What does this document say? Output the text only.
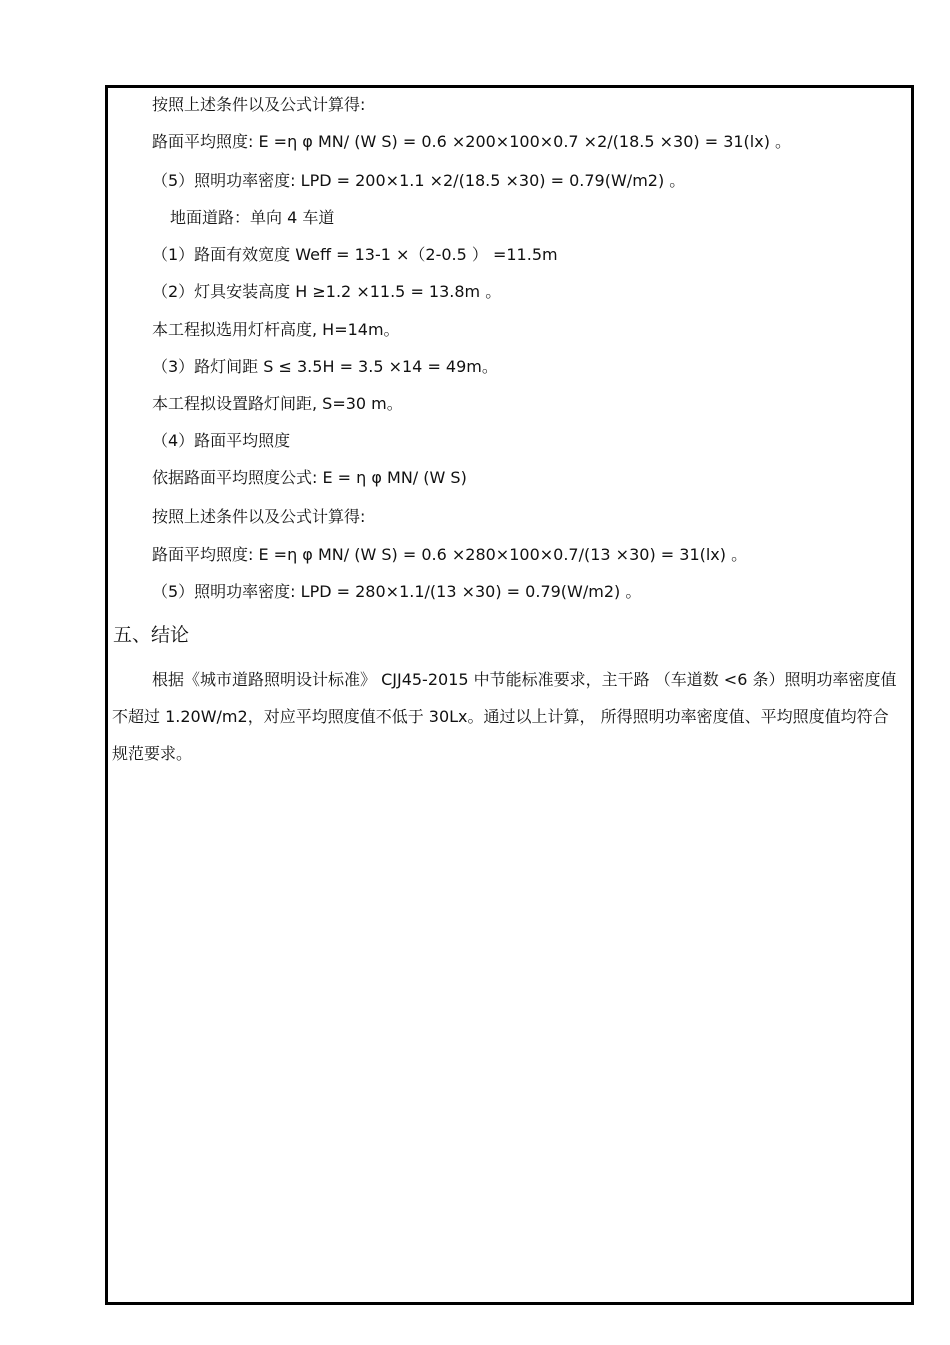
按照上述条件以及公式计算得:
路面平均照度: E =η φ MN/ (W S) = 0.6 ×200×100×0.7 ×2/(18.5 ×30) = 31(lx) 。
（5）照明功率密度: LPD = 200×1.1 ×2/(18.5 ×30) = 0.79(W/m2) 。
地面道路：单向 4 车道
（1）路面有效宽度 Weff = 13-1 ×（2-0.5 ） =11.5m
（2）灯具安装高度 H ≥1.2 ×11.5 = 13.8m 。
本工程拟选用灯杆高度, H=14m。
（3）路灯间距 S ≤ 3.5H = 3.5 ×14 = 49m。
本工程拟设置路灯间距, S=30 m。
（4）路面平均照度
依据路面平均照度公式: E = η φ MN/ (W S)
按照上述条件以及公式计算得:
路面平均照度: E =η φ MN/ (W S) = 0.6 ×280×100×0.7/(13 ×30) = 31(lx) 。
（5）照明功率密度: LPD = 280×1.1/(13 ×30) = 0.79(W/m2) 。
五、结论
根据《城市道路照明设计标准》 CJJ45-2015 中节能标准要求，主干路 （车道数 <6 条）照明功率密度值不超过 1.20W/m2，对应平均照度值不低于 30Lx。通过以上计算， 所得照明功率密度值、平均照度值均符合规范要求。
